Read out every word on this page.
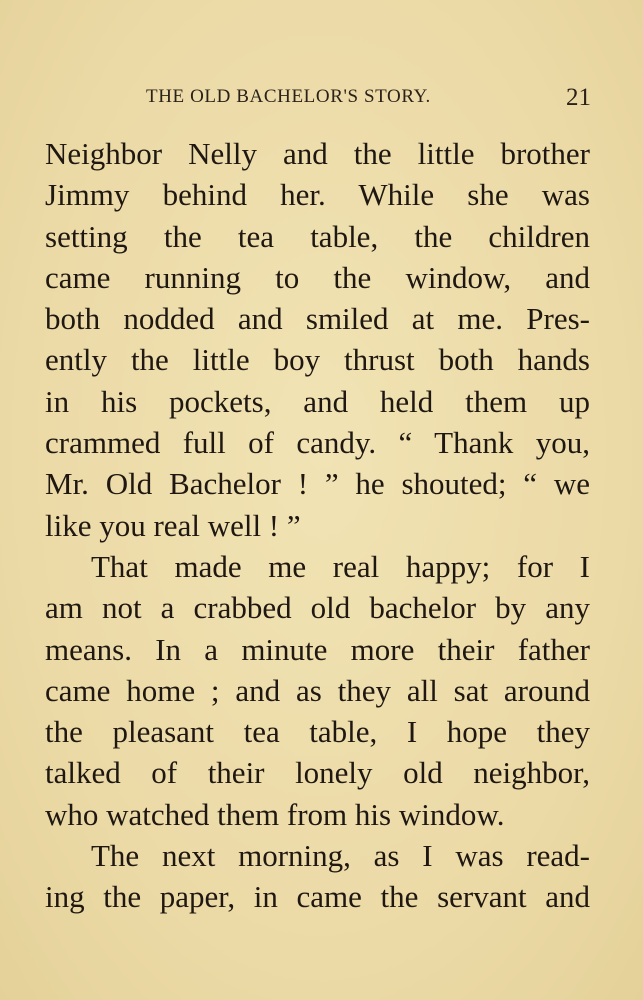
THE OLD BACHELOR'S STORY.	21
Neighbor Nelly and the little brother
Jimmy behind her. While she was
setting the tea table, the children
came running to the window, and
both nodded and smiled at me. Pres-
ently the little boy thrust both hands
in his pockets, and held them up
crammed full of candy. “ Thank you,
Mr. Old Bachelor ! ” he shouted; “ we
like you real well ! ”
That made me real happy; for I
am not a crabbed old bachelor by any
means. In a minute more their father
came home ; and as they all sat around
the pleasant tea table, I hope they
talked of their lonely old neighbor,
who watched them from his window.
The next morning, as I was read-
ing the paper, in came the servant and
